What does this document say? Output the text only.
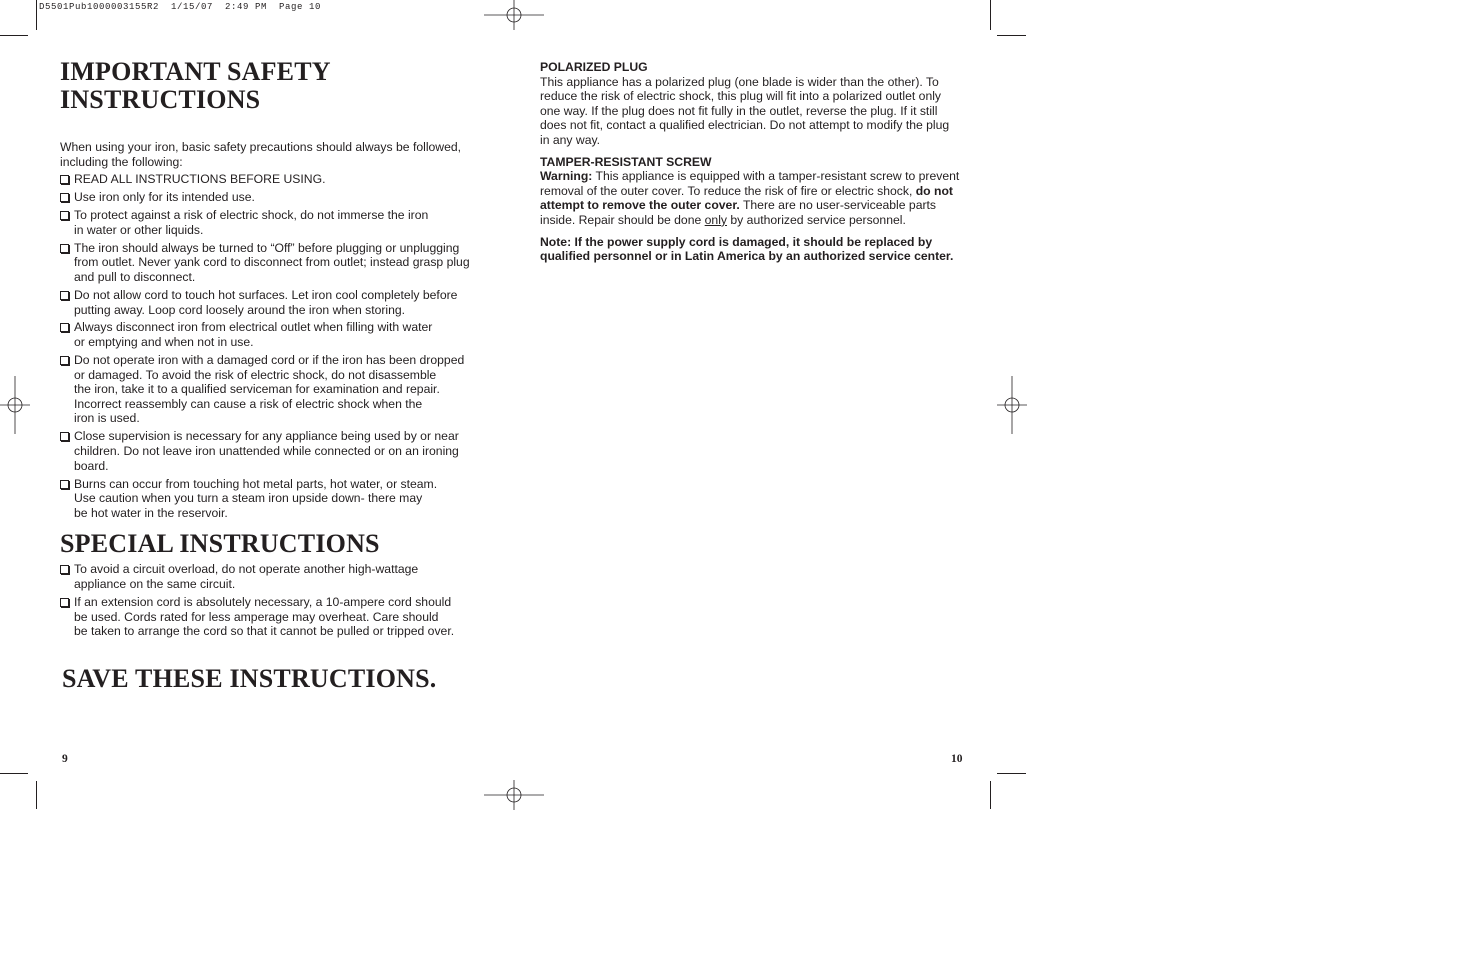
D5501Pub1000003155R2  1/15/07  2:49 PM  Page 10
IMPORTANT SAFETY
INSTRUCTIONS

When using your iron, basic safety precautions should always be followed,
including the following:

READ ALL INSTRUCTIONS BEFORE USING.
Use iron only for its intended use.
To protect against a risk of electric shock, do not immerse the iron
in water or other liquids.
The iron should always be turned to “Off” before plugging or unplugging
from outlet. Never yank cord to disconnect from outlet; instead grasp plug
and pull to disconnect.
Do not allow cord to touch hot surfaces. Let iron cool completely before
putting away. Loop cord loosely around the iron when storing.
Always disconnect iron from electrical outlet when filling with water
or emptying and when not in use.
Do not operate iron with a damaged cord or if the iron has been dropped
or damaged. To avoid the risk of electric shock, do not disassemble
the iron, take it to a qualified serviceman for examination and repair.
Incorrect reassembly can cause a risk of electric shock when the
iron is used.
Close supervision is necessary for any appliance being used by or near
children. Do not leave iron unattended while connected or on an ironing
board.
Burns can occur from touching hot metal parts, hot water, or steam.
Use caution when you turn a steam iron upside down- there may
be hot water in the reservoir.
SPECIAL INSTRUCTIONS
To avoid a circuit overload, do not operate another high-wattage
appliance on the same circuit.
If an extension cord is absolutely necessary, a 10-ampere cord should
be used. Cords rated for less amperage may overheat. Care should
be taken to arrange the cord so that it cannot be pulled or tripped over.
SAVE THESE INSTRUCTIONS.
9
POLARIZED PLUG

This appliance has a polarized plug (one blade is wider than the other). To
reduce the risk of electric shock, this plug will fit into a polarized outlet only
one way. If the plug does not fit fully in the outlet, reverse the plug. If it still
does not fit, contact a qualified electrician. Do not attempt to modify the plug
in any way.

TAMPER-RESISTANT SCREW

Warning: This appliance is equipped with a tamper-resistant screw to prevent
removal of the outer cover. To reduce the risk of fire or electric shock, do not
attempt to remove the outer cover. There are no user-serviceable parts
inside. Repair should be done only by authorized service personnel.

Note: If the power supply cord is damaged, it should be replaced by
qualified personnel or in Latin America by an authorized service center.

10
